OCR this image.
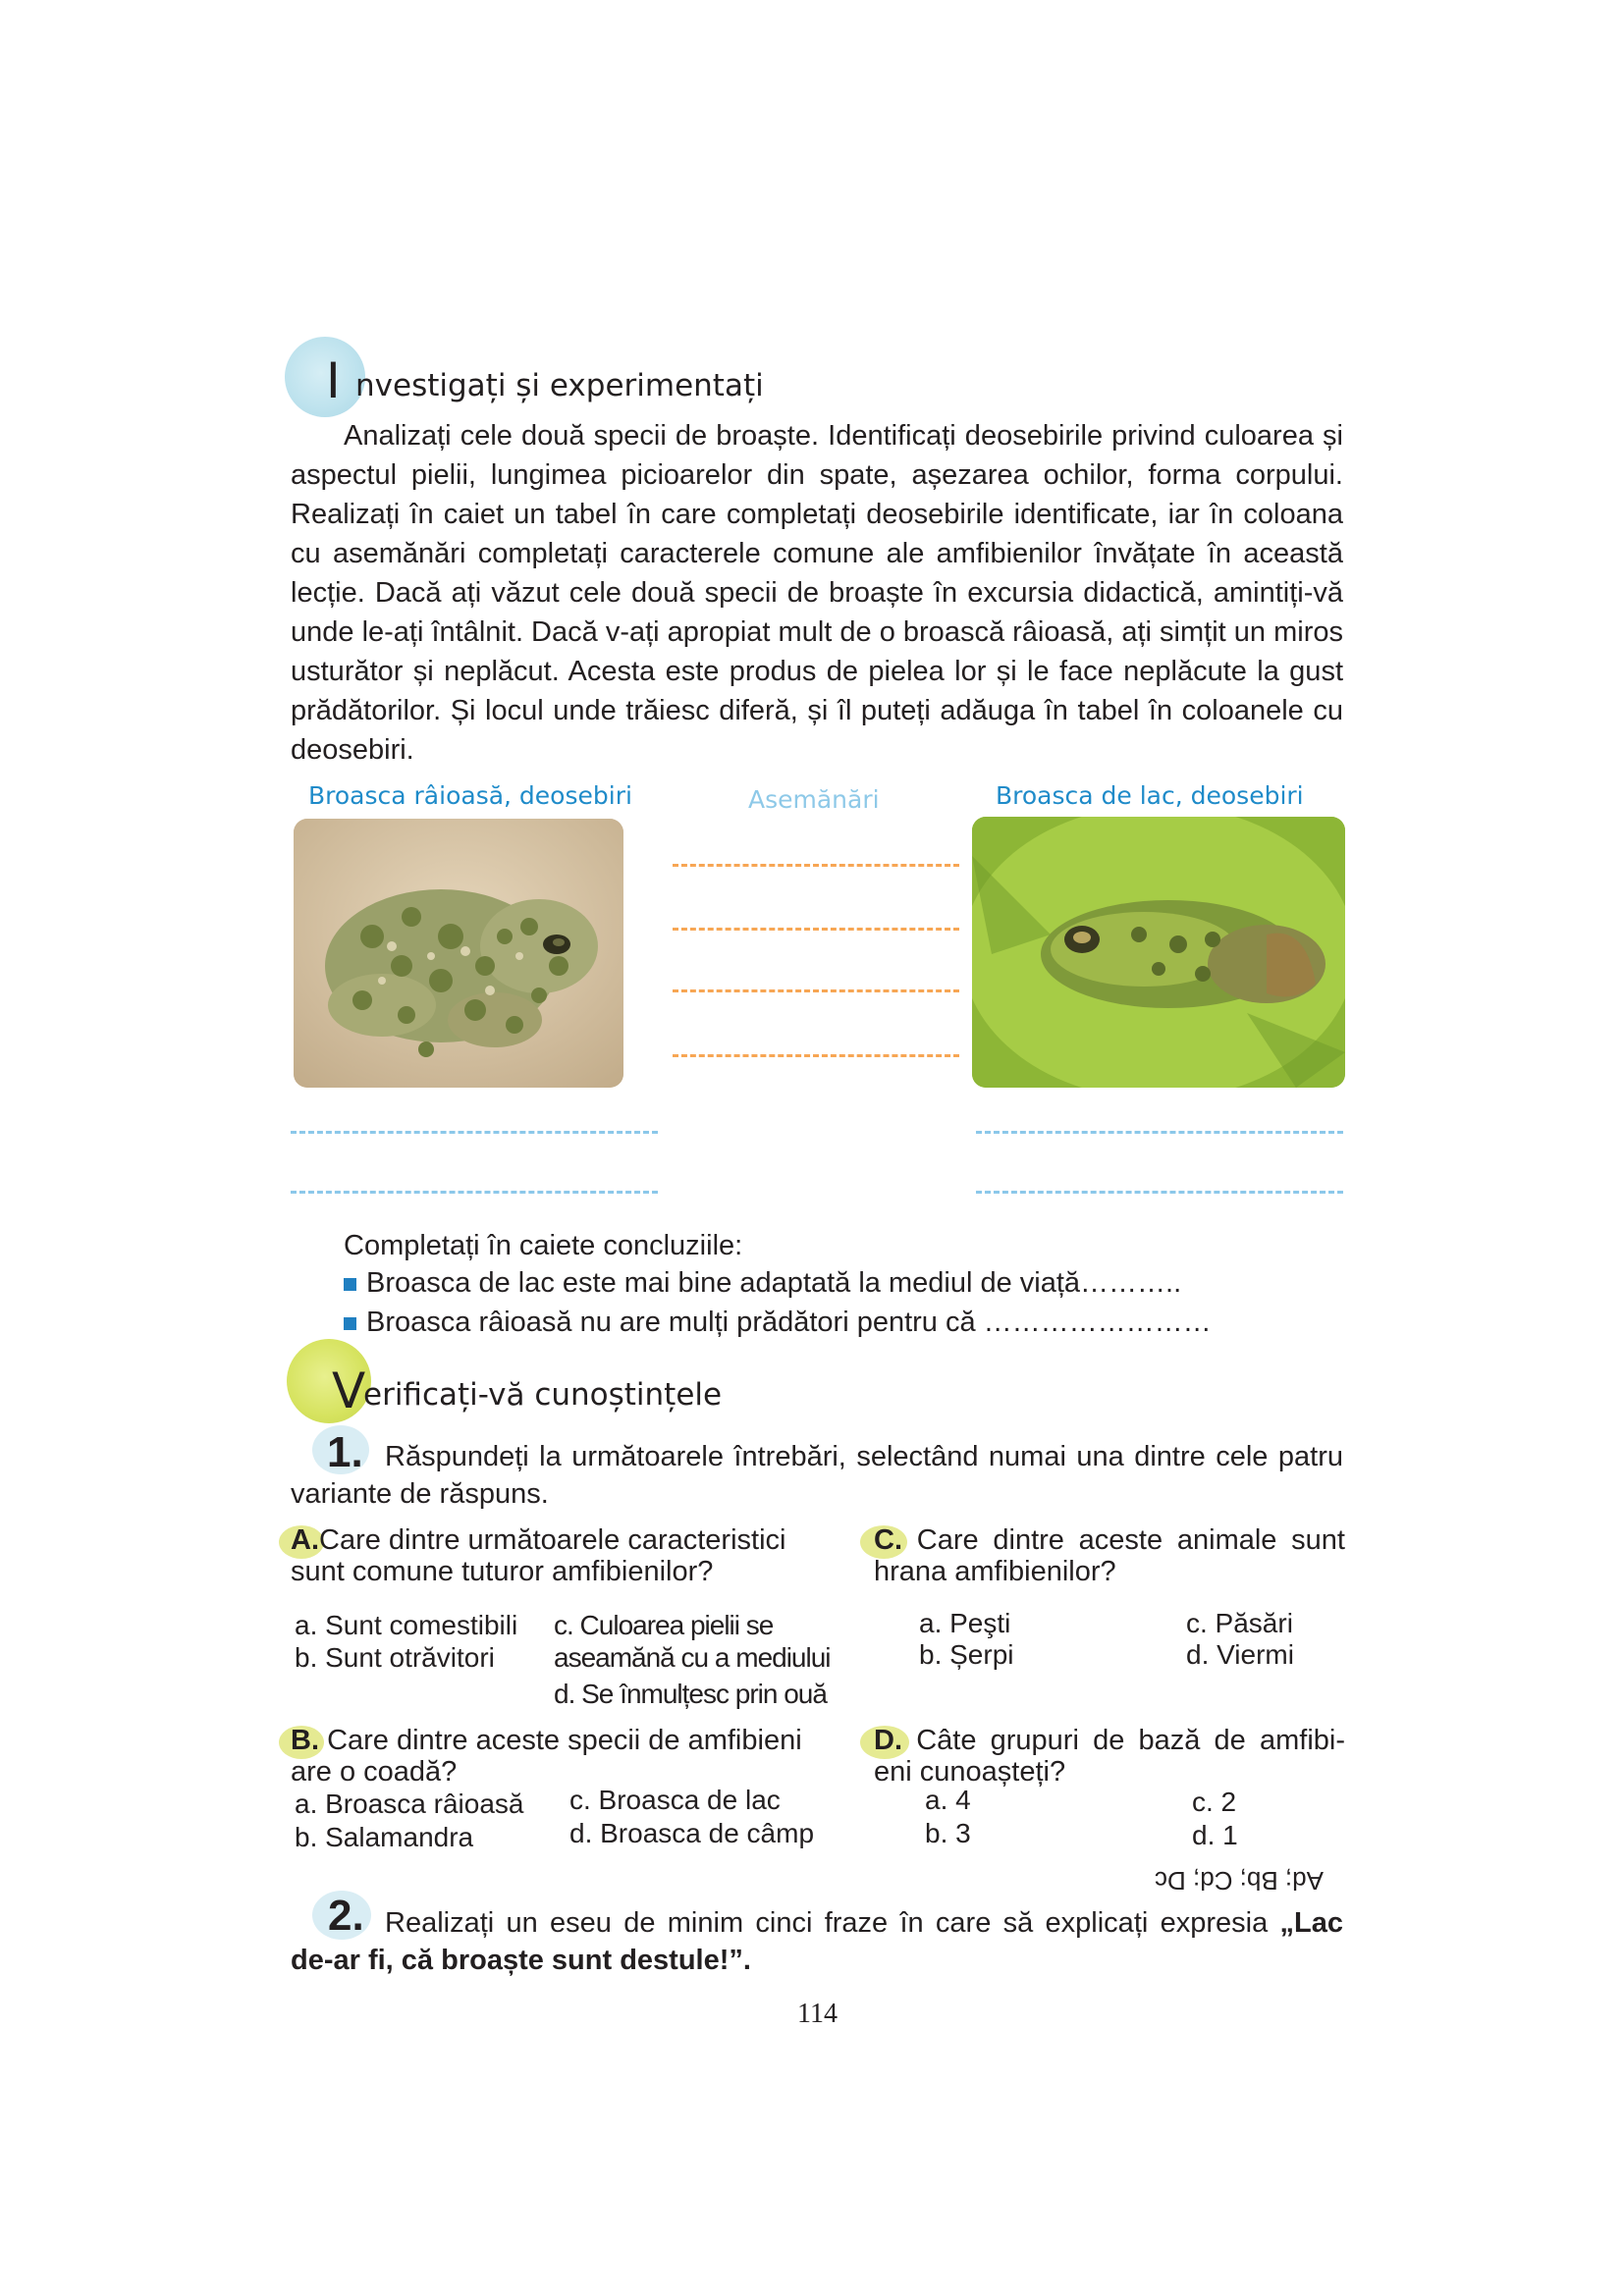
I nvestigați și experimentați

Analizați cele două specii de broaște. Identificați deosebirile privind culoarea și aspectul pielii, lungimea picioarelor din spate, așezarea ochilor, forma corpului. Realizați în caiet un tabel în care completați deosebirile identificate, iar în coloana cu asemănări completați caracterele comune ale amfibienilor învățate în această lecție. Dacă ați văzut cele două specii de broaște în excursia didactică, amintiți-vă unde le-ați întâlnit. Dacă v-ați apropiat mult de o broască râioasă, ați simțit un miros usturător și neplăcut. Acesta este produs de pielea lor și le face neplăcute la gust prădătorilor. Și locul unde trăiesc diferă, și îl puteți adăuga în tabel în coloanele cu deosebiri.

Broasca râioasă, deosebiri	Asemănări	Broasca de lac, deosebiri
Completați în caiete concluziile:
Broasca de lac este mai bine adaptată la mediul de viață………..
Broasca râioasă nu are mulți prădători pentru că ……………………
V
erificați-vă cunoștințele
1. Răspundeți la următoarele întrebări, selectând numai una dintre cele patru variante de răspuns.

A.Care dintre următoarele caracteristici sunt comune tuturor amfibienilor?
a. Sunt comestibili
b. Sunt otrăvitori
c. Culoarea pielii se
aseamănă cu a mediului
d. Se înmulțesc prin ouă
C. Care dintre aceste animale sunt hrana amfibienilor?
a. Peşti
b. Șerpi
c. Păsări
d. Viermi
B. Care dintre aceste specii de amfibieni are o coadă?
a. Broasca râioasă
b. Salamandra
c. Broasca de lac
d. Broasca de câmp
D. Câte grupuri de bază de amfibi-eni cunoașteți?
a. 4
b. 3
c. 2
d. 1
Ad; Bb; Cd; Dc
2. Realizați un eseu de minim cinci fraze în care să explicați expresia „Lac de-ar fi, că broaște sunt destule!”.

114
